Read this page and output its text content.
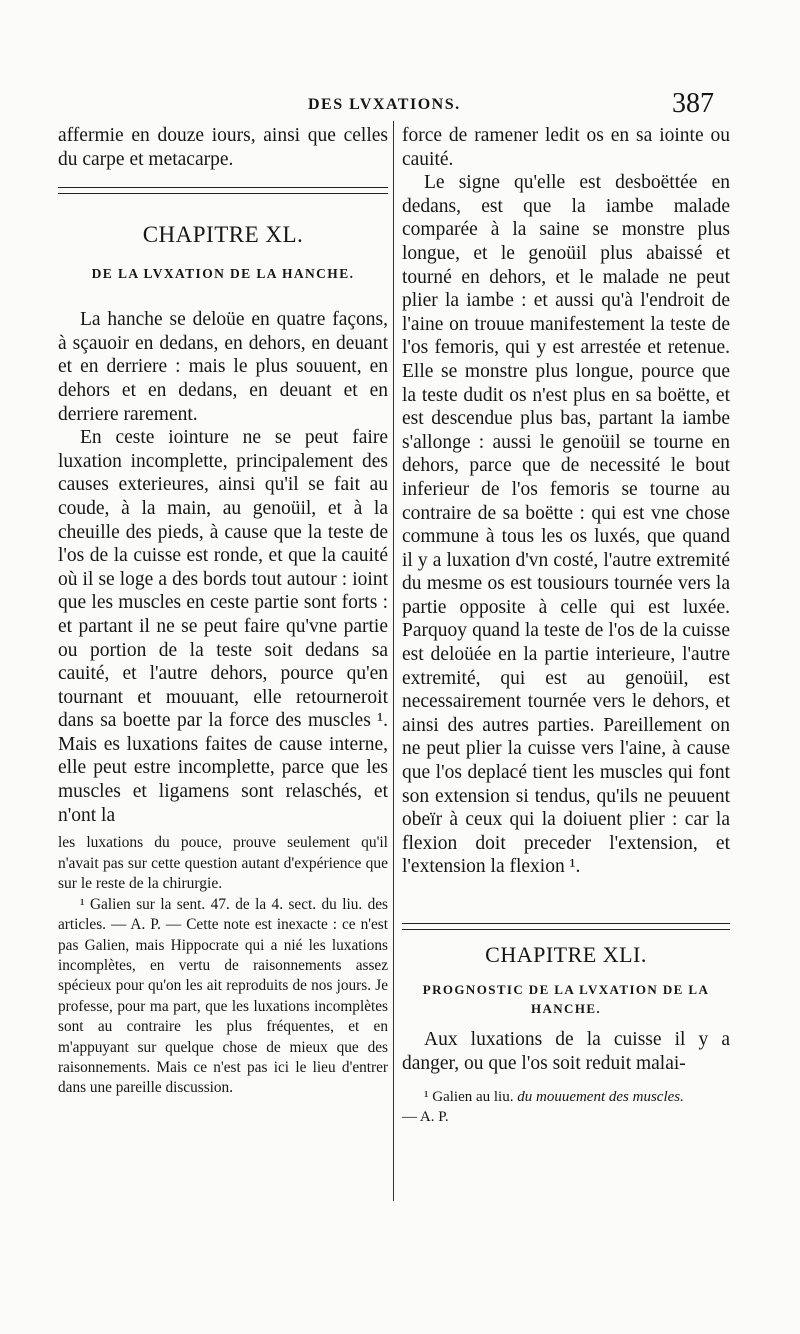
DES LVXATIONS.	387

affermie en douze iours, ainsi que celles du carpe et metacarpe.

CHAPITRE XL.
DE LA LVXATION DE LA HANCHE.

La hanche se deloüe en quatre façons, à sçauoir en dedans, en dehors, en deuant et en derriere : mais le plus souuent, en dehors et en dedans, en deuant et en derriere rarement.

En ceste iointure ne se peut faire luxation incomplette, principalement des causes exterieures, ainsi qu'il se fait au coude, à la main, au genoüil, et à la cheuille des pieds, à cause que la teste de l'os de la cuisse est ronde, et que la cauité où il se loge a des bords tout autour : ioint que les muscles en ceste partie sont forts : et partant il ne se peut faire qu'vne partie ou portion de la teste soit dedans sa cauité, et l'autre dehors, pource qu'en tournant et mouuant, elle retourneroit dans sa boette par la force des muscles ¹. Mais es luxations faites de cause interne, elle peut estre incomplette, parce que les muscles et ligamens sont relaschés, et n'ont la

les luxations du pouce, prouve seulement qu'il n'avait pas sur cette question autant d'expérience que sur le reste de la chirurgie.

¹ Galien sur la sent. 47. de la 4. sect. du liu. des articles. — A. P. — Cette note est inexacte : ce n'est pas Galien, mais Hippocrate qui a nié les luxations incomplètes, en vertu de raisonnements assez spécieux pour qu'on les ait reproduits de nos jours. Je professe, pour ma part, que les luxations incomplètes sont au contraire les plus fréquentes, et en m'appuyant sur quelque chose de mieux que des raisonnements. Mais ce n'est pas ici le lieu d'entrer dans une pareille discussion.

force de ramener ledit os en sa iointe ou cauité.

Le signe qu'elle est desboëttée en dedans, est que la iambe malade comparée à la saine se monstre plus longue, et le genoüil plus abaissé et tourné en dehors, et le malade ne peut plier la iambe : et aussi qu'à l'endroit de l'aine on trouue manifestement la teste de l'os femoris, qui y est arrestée et retenue. Elle se monstre plus longue, pource que la teste dudit os n'est plus en sa boëtte, et est descendue plus bas, partant la iambe s'allonge : aussi le genoüil se tourne en dehors, parce que de necessité le bout inferieur de l'os femoris se tourne au contraire de sa boëtte : qui est vne chose commune à tous les os luxés, que quand il y a luxation d'vn costé, l'autre extremité du mesme os est tousiours tournée vers la partie opposite à celle qui est luxée. Parquoy quand la teste de l'os de la cuisse est deloüée en la partie interieure, l'autre extremité, qui est au genoüil, est necessairement tournée vers le dehors, et ainsi des autres parties. Pareillement on ne peut plier la cuisse vers l'aine, à cause que l'os deplacé tient les muscles qui font son extension si tendus, qu'ils ne peuuent obeïr à ceux qui la doiuent plier : car la flexion doit preceder l'extension, et l'extension la flexion ¹.

CHAPITRE XLI.
PROGNOSTIC DE LA LVXATION DE LA HANCHE.

Aux luxations de la cuisse il y a danger, ou que l'os soit reduit malai-

¹ Galien au liu. du mouuement des muscles.
— A. P.
